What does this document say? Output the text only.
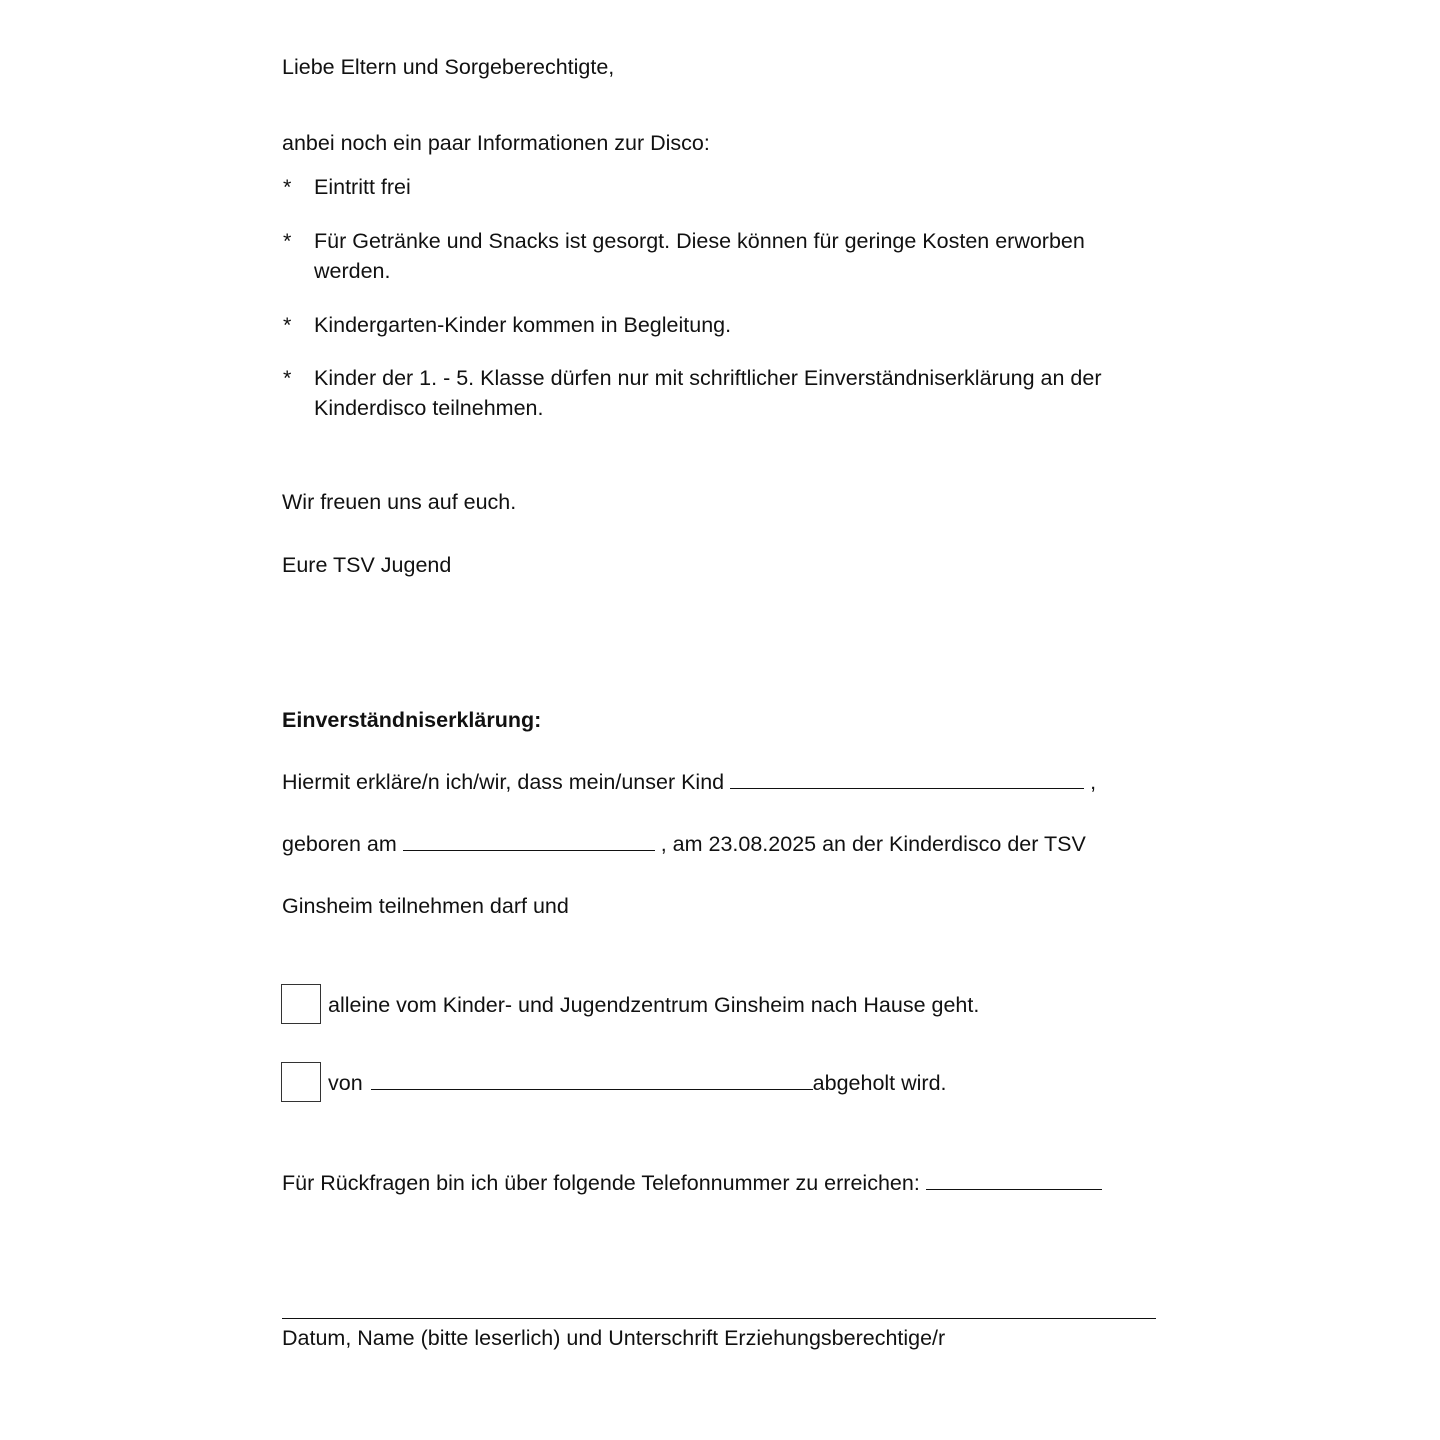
Liebe Eltern und Sorgeberechtigte,
anbei noch ein paar Informationen zur Disco:
* Eintritt frei
* Für Getränke und Snacks ist gesorgt. Diese können für geringe Kosten erworben werden.
* Kindergarten-Kinder kommen in Begleitung.
* Kinder der 1. - 5. Klasse dürfen nur mit schriftlicher Einverständniserklärung an der Kinderdisco teilnehmen.
Wir freuen uns auf euch.
Eure TSV Jugend
Einverständniserklärung:
Hiermit erkläre/n ich/wir, dass mein/unser Kind	,
geboren am	, am 23.08.2025 an der Kinderdisco der TSV
Ginsheim teilnehmen darf und
alleine vom Kinder- und Jugendzentrum Ginsheim nach Hause geht.
von	abgeholt wird.
Für Rückfragen bin ich über folgende Telefonnummer zu erreichen:
Datum, Name (bitte leserlich) und Unterschrift Erziehungsberechtige/r
